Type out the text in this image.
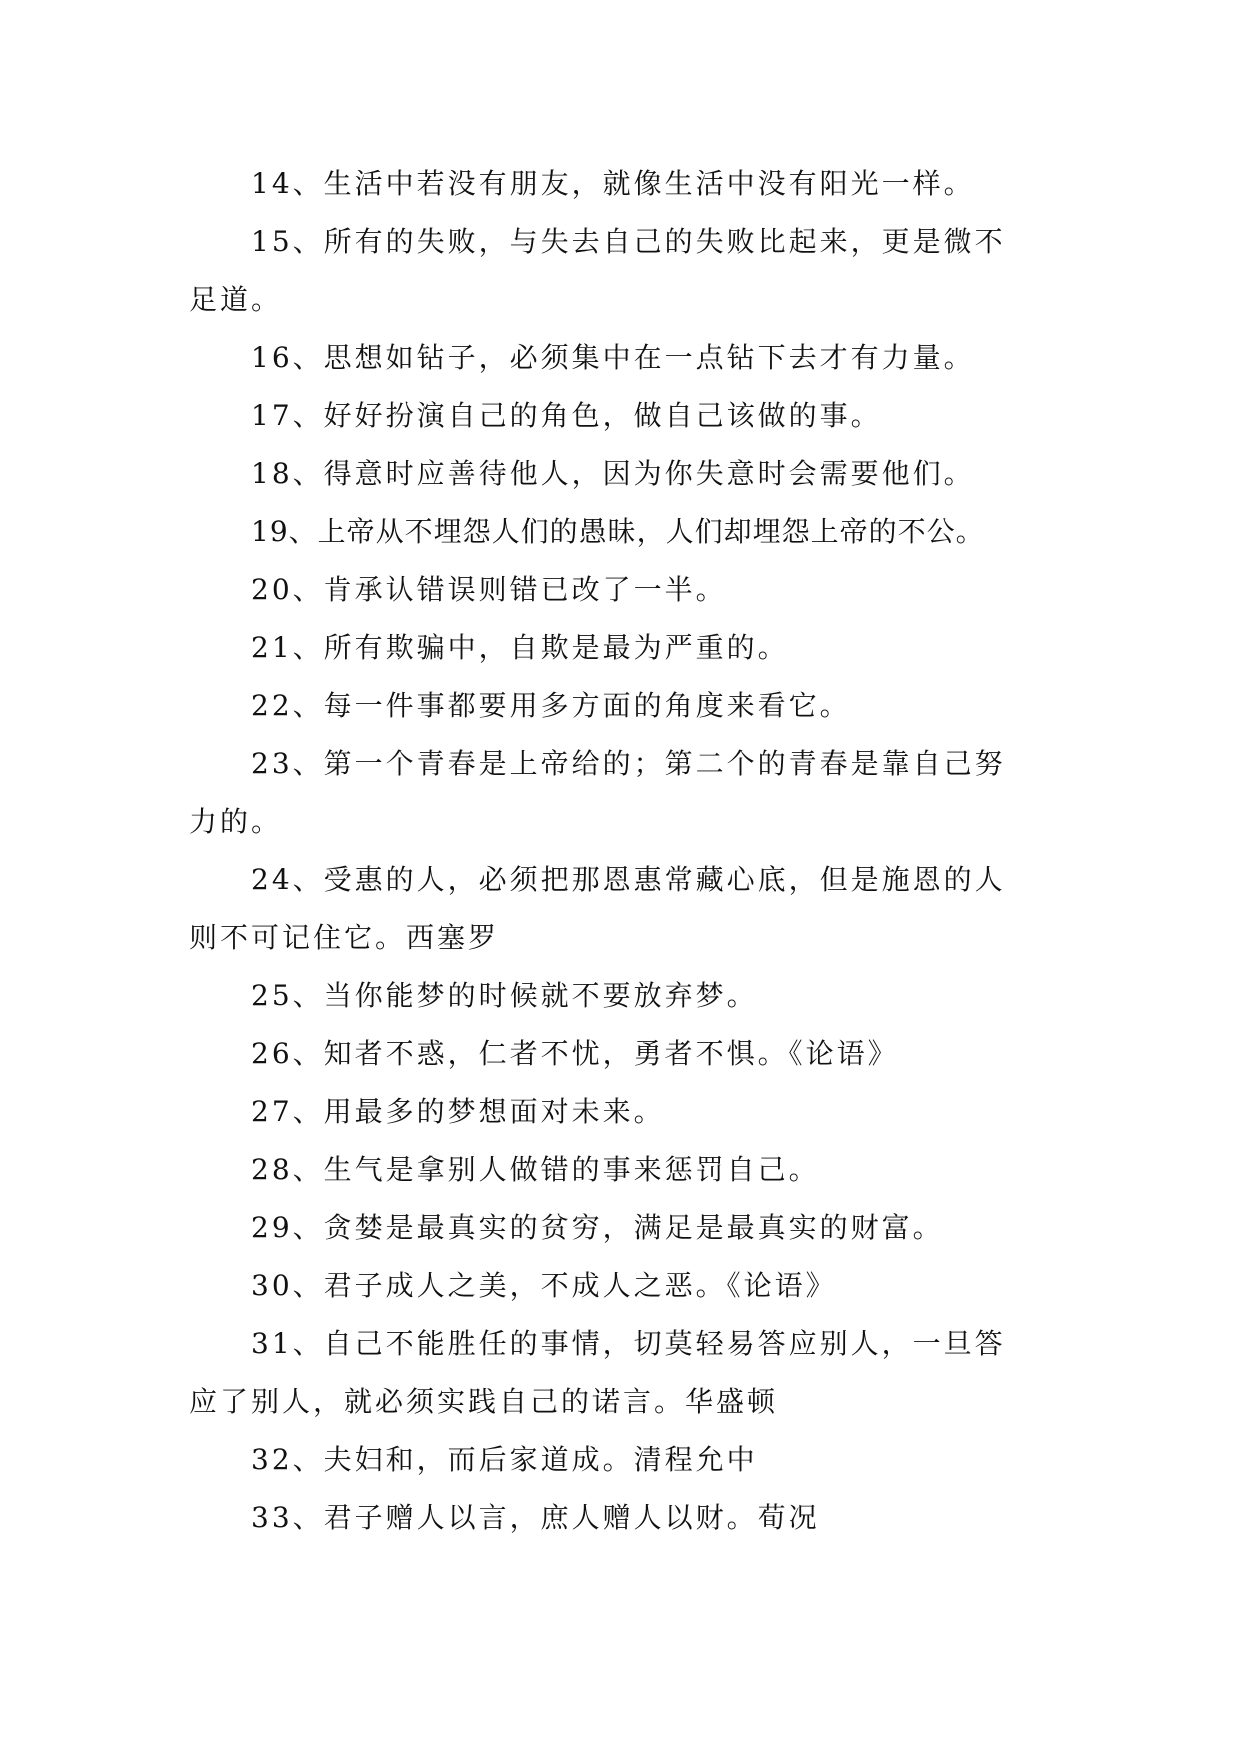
14、生活中若没有朋友，就像生活中没有阳光一样。

15、所有的失败，与失去自己的失败比起来，更是微不
足道。

16、思想如钻子，必须集中在一点钻下去才有力量。

17、好好扮演自己的角色，做自己该做的事。

18、得意时应善待他人，因为你失意时会需要他们。

19、上帝从不埋怨人们的愚昧，人们却埋怨上帝的不公。

20、肯承认错误则错已改了一半。

21、所有欺骗中，自欺是最为严重的。

22、每一件事都要用多方面的角度来看它。

23、第一个青春是上帝给的；第二个的青春是靠自己努
力的。

24、受惠的人，必须把那恩惠常藏心底，但是施恩的人
则不可记住它。西塞罗

25、当你能梦的时候就不要放弃梦。

26、知者不惑，仁者不忧，勇者不惧。《论语》

27、用最多的梦想面对未来。

28、生气是拿别人做错的事来惩罚自己。

29、贪婪是最真实的贫穷，满足是最真实的财富。

30、君子成人之美，不成人之恶。《论语》

31、自己不能胜任的事情，切莫轻易答应别人，一旦答
应了别人，就必须实践自己的诺言。华盛顿

32、夫妇和，而后家道成。清程允中

33、君子赠人以言，庶人赠人以财。荀况
